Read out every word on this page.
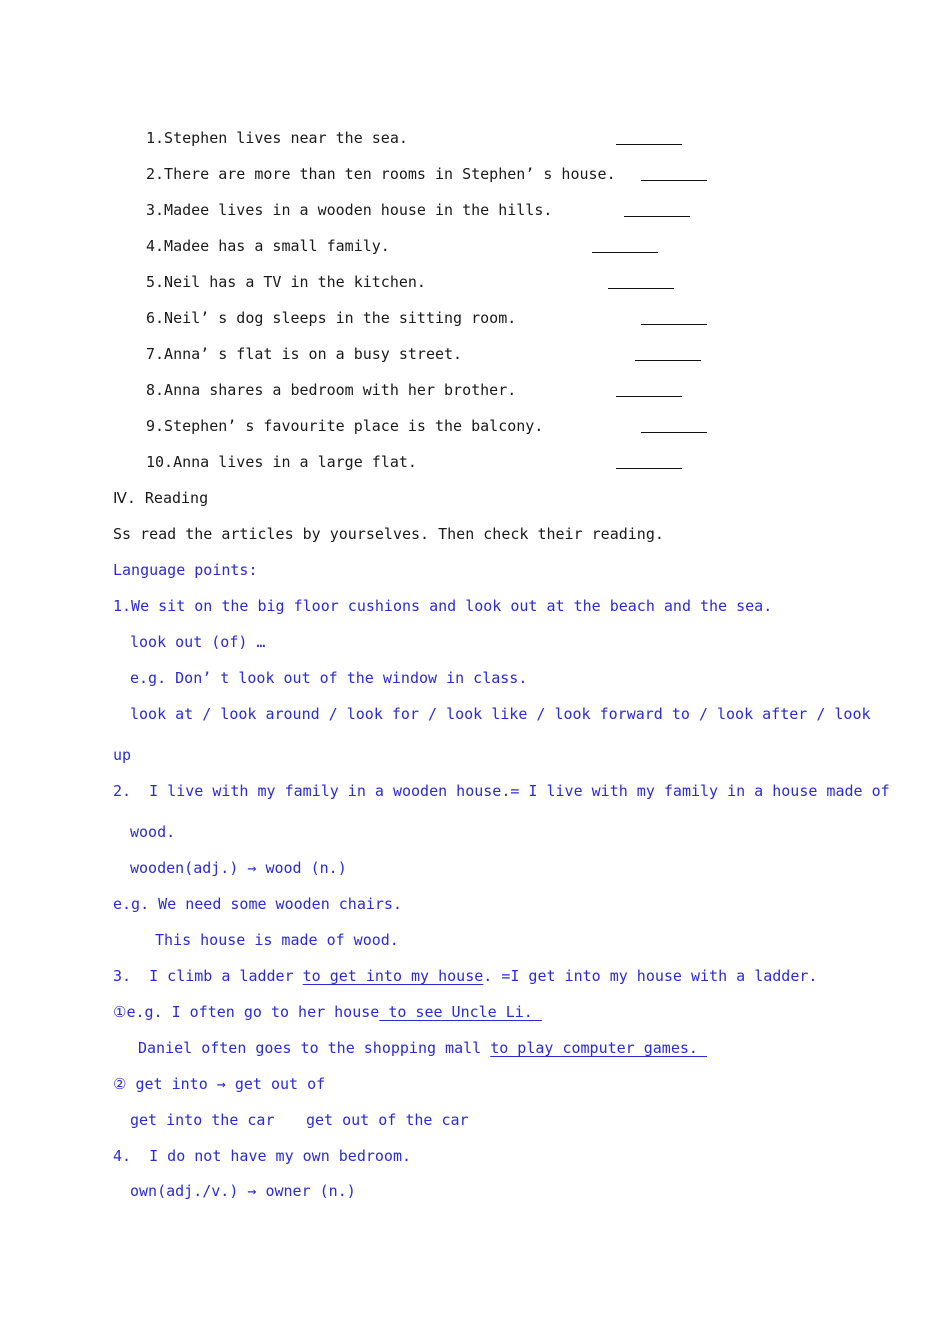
1.Stephen lives near the sea.
2.There are more than ten rooms in Stephen’ s house.
3.Madee lives in a wooden house in the hills.
4.Madee has a small family.
5.Neil has a TV in the kitchen.
6.Neil’ s dog sleeps in the sitting room.
7.Anna’ s flat is on a busy street.
8.Anna shares a bedroom with her brother.
9.Stephen’ s favourite place is the balcony.
10.Anna lives in a large flat.
Ⅳ. Reading
Ss read the articles by yourselves. Then check their reading.
Language points:
1.We sit on the big floor cushions and look out at the beach and the sea.
look out (of) …
e.g. Don’ t look out of the window in class.
look at / look around / look for / look like / look forward to / look after / look
up
2.  I live with my family in a wooden house.= I live with my family in a house made of
wood.
wooden(adj.) → wood (n.)
e.g. We need some wooden chairs.
This house is made of wood.
3.  I climb a ladder to get into my house. =I get into my house with a ladder.
①e.g. I often go to her house to see Uncle Li.
Daniel often goes to the shopping mall to play computer games.
② get into → get out of
get into the car get out of the car
4.  I do not have my own bedroom.
own(adj./v.) → owner (n.)
